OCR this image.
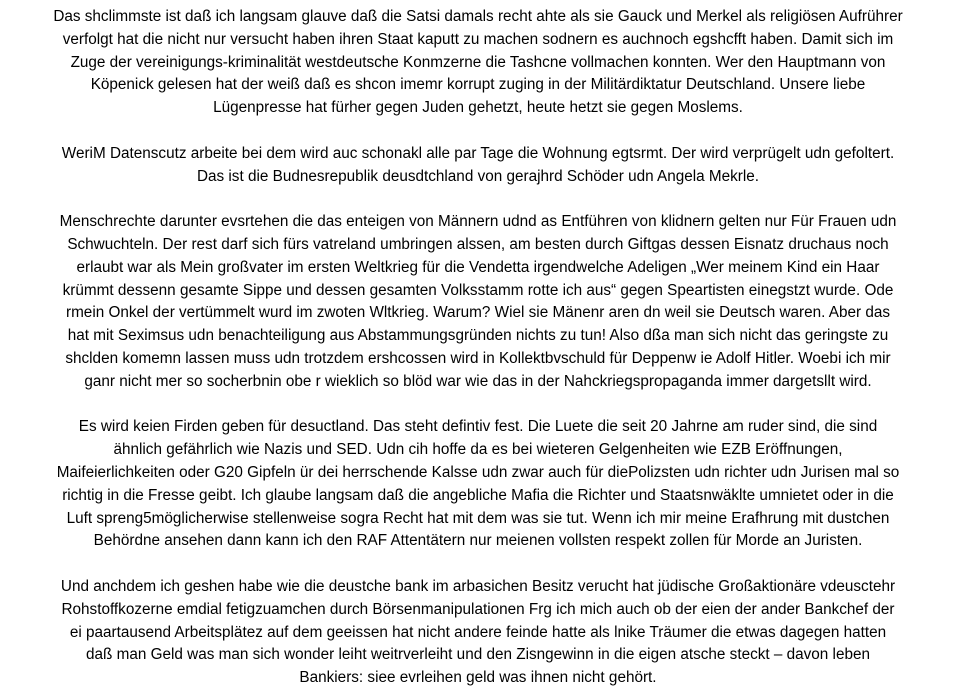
Das shclimmste ist daß ich langsam glauve daß die Satsi damals recht ahte als sie Gauck und Merkel als religiösen Aufrührer
verfolgt hat die nicht nur versucht haben ihren Staat kaputt zu machen sodnern es auchnoch egshcfft haben. Damit sich im
Zuge der vereinigungs-kriminalität westdeutsche Konmzerne die Tashcne vollmachen konnten. Wer den Hauptmann von
Köpenick gelesen hat der weiß daß es shcon imemr korrupt zuging in der Militärdiktatur Deutschland. Unsere liebe
Lügenpresse hat fürher gegen Juden gehetzt, heute hetzt sie gegen Moslems.

WeriM Datenscutz arbeite bei dem wird auc schonakl alle par Tage die Wohnung egtsrmt. Der wird verprügelt udn gefoltert.
Das ist die Budnesrepublik deusdtchland von gerajhrd Schöder udn Angela Mekrle.

Menschrechte darunter evsrtehen die das enteigen von Männern udnd as Entführen von klidnern gelten nur Für Frauen udn
Schwuchteln. Der rest darf sich fürs vatreland umbringen alssen, am besten durch Giftgas dessen Eisnatz druchaus noch
erlaubt war als Mein großvater im ersten Weltkrieg für die Vendetta irgendwelche Adeligen „Wer meinem Kind ein Haar
krümmt dessenn gesamte Sippe und dessen gesamten Volksstamm rotte ich aus“ gegen Speartisten einegstzt wurde. Ode
rmein Onkel der vertümmelt wurd im zwoten Wltkrieg. Warum? Wiel sie Mänenr aren dn weil sie Deutsch waren. Aber das
hat mit Seximsus udn benachteiligung aus Abstammungsgründen nichts zu tun! Also dßa man sich nicht das geringste zu
shclden komemn lassen muss udn trotzdem ershcossen wird in Kollektbvschuld für Deppenw ie Adolf Hitler. Woebi ich mir
ganr nicht mer so socherbnin obe r wieklich so blöd war wie das in der Nahckriegspropaganda immer dargetsllt wird.

Es wird keien Firden geben für desuctland. Das steht defintiv fest. Die Luete die seit 20 Jahrne am ruder sind, die sind
ähnlich gefährlich wie Nazis und SED. Udn cih hoffe da es bei wieteren Gelgenheiten wie EZB Eröffnungen,
Maifeierlichkeiten oder G20 Gipfeln ür dei herrschende Kalsse udn zwar auch für diePolizsten udn richter udn Jurisen mal so
richtig in die Fresse geibt. Ich glaube langsam daß die angebliche Mafia die Richter und Staatsnwäklte umnietet oder in die
Luft spreng5möglicherwise stellenweise sogra Recht hat mit dem was sie tut. Wenn ich mir meine Erafhrung mit dustchen
Behördne ansehen dann kann ich den RAF Attentätern nur meienen vollsten respekt zollen für Morde an Juristen.

Und anchdem ich geshen habe wie die deustche bank im arbasichen Besitz verucht hat jüdische Großaktionäre vdeusctehr
Rohstoffkozerne emdial fetigzuamchen durch Börsenmanipulationen Frg ich mich auch ob der eien der ander Bankchef der
ei paartausend Arbeitsplätez auf dem geeissen hat nicht andere feinde hatte als lnike Träumer die etwas dagegen hatten
daß man Geld was man sich wonder leiht weitrverleiht und den Zisngewinn in die eigen atsche steckt – davon leben
Bankiers: siee evrleihen geld was ihnen nicht gehört.
